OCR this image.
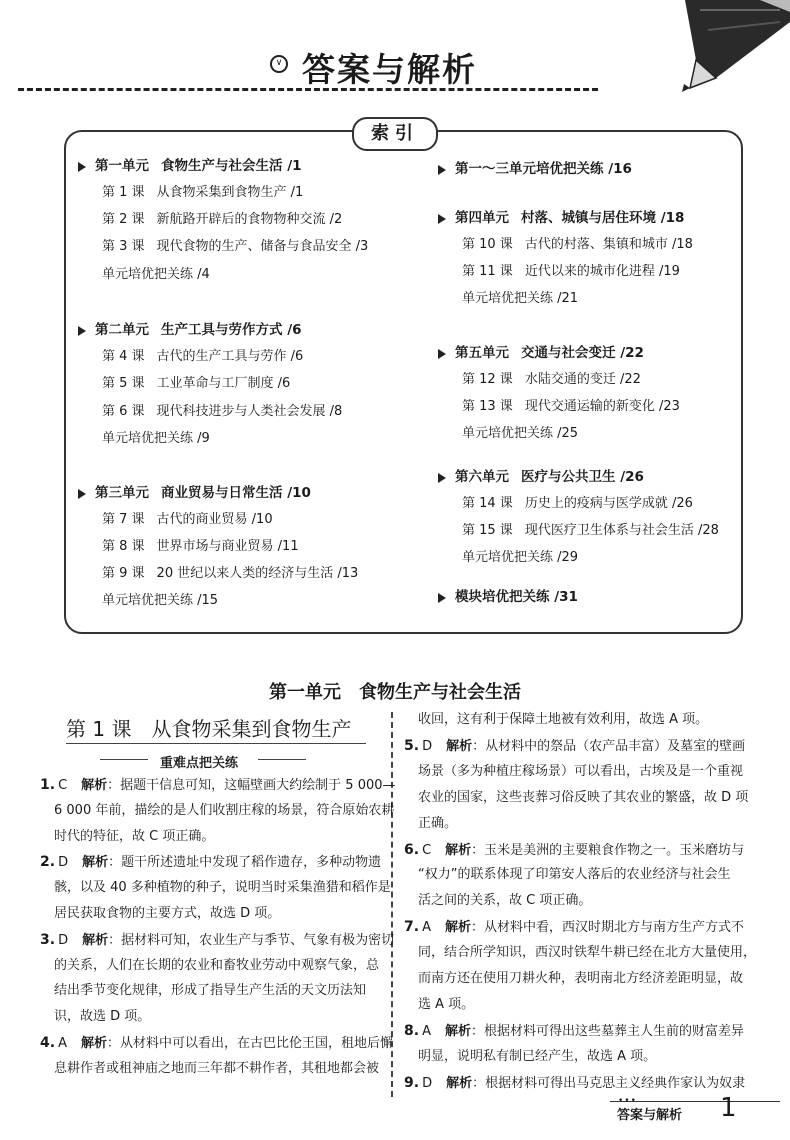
∨ 答案与解析
索引
第一单元 食物生产与社会生活 /1
第 1 课 从食物采集到食物生产 /1
第 2 课 新航路开辟后的食物物种交流 /2
第 3 课 现代食物的生产、储备与食品安全 /3
单元培优把关练 /4
第二单元 生产工具与劳作方式 /6
第 4 课 古代的生产工具与劳作 /6
第 5 课 工业革命与工厂制度 /6
第 6 课 现代科技进步与人类社会发展 /8
单元培优把关练 /9
第三单元 商业贸易与日常生活 /10
第 7 课 古代的商业贸易 /10
第 8 课 世界市场与商业贸易 /11
第 9 课 20 世纪以来人类的经济与生活 /13
单元培优把关练 /15
第一～三单元培优把关练 /16
第四单元 村落、城镇与居住环境 /18
第 10 课 古代的村落、集镇和城市 /18
第 11 课 近代以来的城市化进程 /19
单元培优把关练 /21
第五单元 交通与社会变迁 /22
第 12 课 水陆交通的变迁 /22
第 13 课 现代交通运输的新变化 /23
单元培优把关练 /25
第六单元 医疗与公共卫生 /26
第 14 课 历史上的疫病与医学成就 /26
第 15 课 现代医疗卫生体系与社会生活 /28
单元培优把关练 /29
模块培优把关练 /31
第一单元　食物生产与社会生活
第 1 课　从食物采集到食物生产
重难点把关练
1. C 解析：据题干信息可知，这幅壁画大约绘制于 5 000—
6 000 年前，描绘的是人们收割庄稼的场景，符合原始农耕
时代的特征，故 C 项正确。
2. D 解析：题干所述遗址中发现了稻作遗存，多种动物遗
骸，以及 40 多种植物的种子，说明当时采集渔猎和稻作是
居民获取食物的主要方式，故选 D 项。
3. D 解析：据材料可知，农业生产与季节、气象有极为密切
的关系，人们在长期的农业和畜牧业劳动中观察气象，总
结出季节变化规律，形成了指导生产生活的天文历法知
识，故选 D 项。
4. A 解析：从材料中可以看出，在古巴比伦王国，租地后懈
息耕作者或租神庙之地而三年都不耕作者，其租地都会被
收回，这有利于保障土地被有效利用，故选 A 项。
5. D 解析：从材料中的祭品（农产品丰富）及墓室的壁画
场景（多为种植庄稼场景）可以看出，古埃及是一个重视
农业的国家，这些丧葬习俗反映了其农业的繁盛，故 D 项
正确。
6. C 解析：玉米是美洲的主要粮食作物之一。玉米磨坊与
“权力”的联系体现了印第安人落后的农业经济与社会生
活之间的关系，故 C 项正确。
7. A 解析：从材料中看，西汉时期北方与南方生产方式不
同，结合所学知识，西汉时铁犁牛耕已经在北方大量使用，
而南方还在使用刀耕火种，表明南北方经济差距明显，故
选 A 项。
8. A 解析：根据材料可得出这些墓葬主人生前的财富差异
明显，说明私有制已经产生，故选 A 项。
9. D 解析：根据材料可得出马克思主义经典作家认为奴隶
•••
答案与解析 1
